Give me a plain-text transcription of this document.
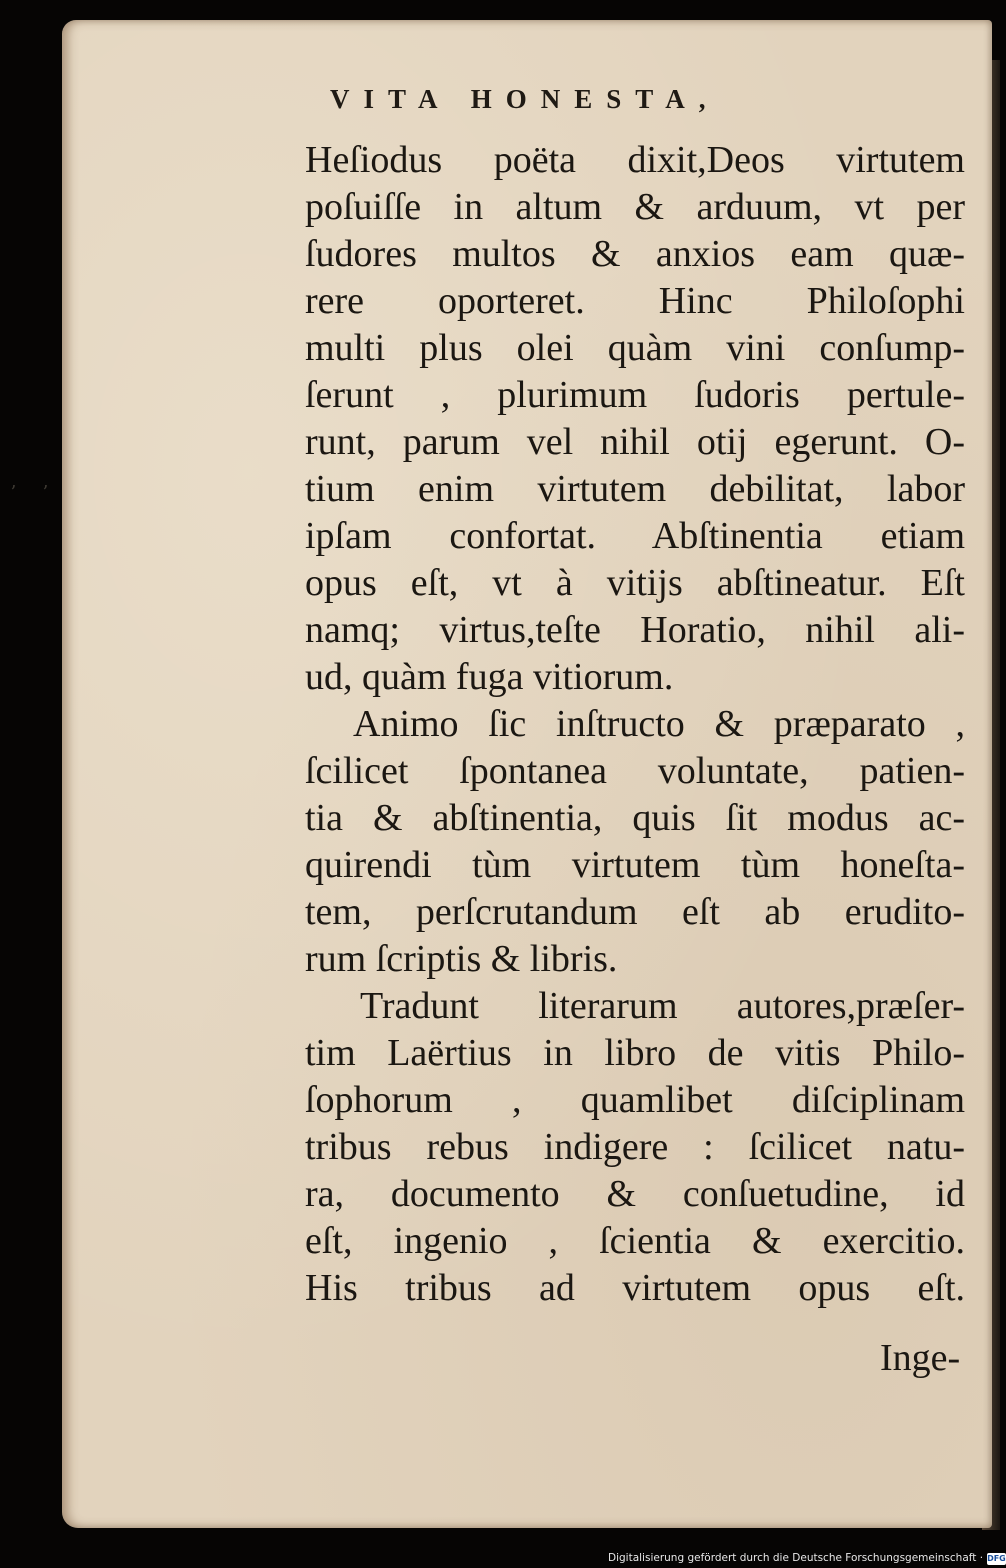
ʼ	ʼ
VITA HONESTA,
Heſiodus poëta dixit,Deos virtutem
poſuiſſe in altum & arduum, vt per
ſudores multos & anxios eam quæ-
rere oporteret. Hinc Philoſophi
multi plus olei quàm vini conſump-
ſerunt , plurimum ſudoris pertule-
runt, parum vel nihil otij egerunt. O-
tium enim virtutem debilitat, labor
ipſam confortat. Abſtinentia etiam
opus eſt, vt à vitijs abſtineatur. Eſt
namq; virtus,teſte Horatio, nihil ali-
ud, quàm fuga vitiorum.
Animo ſic inſtructo & præparato ,
ſcilicet ſpontanea voluntate, patien-
tia & abſtinentia, quis ſit modus ac-
quirendi tùm virtutem tùm honeſta-
tem, perſcrutandum eſt ab erudito-
rum ſcriptis & libris.
Tradunt literarum autores,præſer-
tim Laërtius in libro de vitis Philo-
ſophorum , quamlibet diſciplinam
tribus rebus indigere : ſcilicet natu-
ra, documento & conſuetudine, id
eſt, ingenio , ſcientia & exercitio.
His tribus ad virtutem opus eſt.
Inge-
Digitalisierung gefördert durch die Deutsche Forschungsgemeinschaft · DFG
